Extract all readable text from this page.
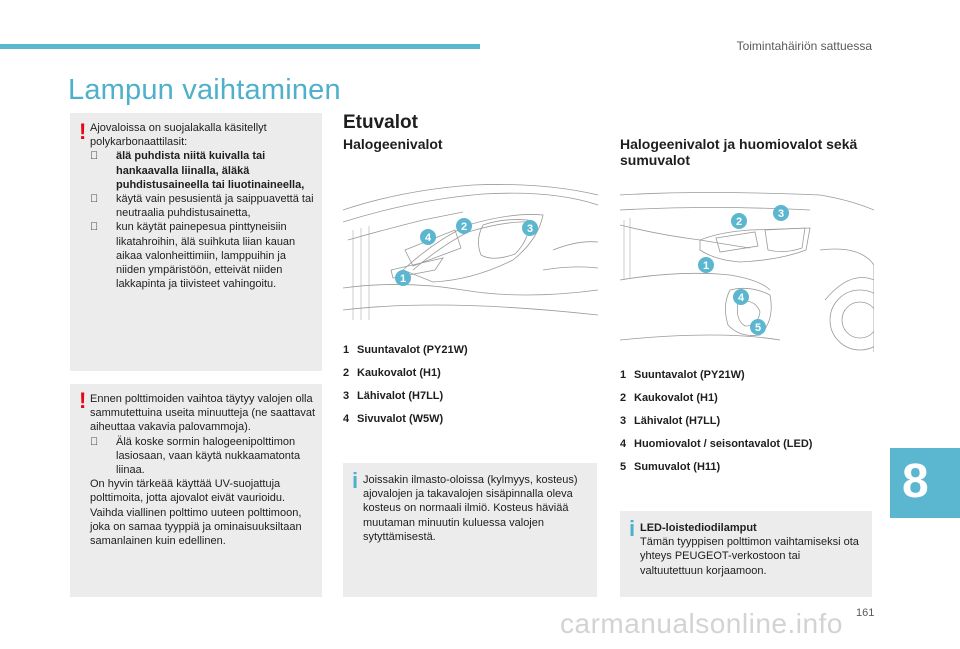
Toimintahäiriön sattuessa
Lampun vaihtaminen
! Ajovaloissa on suojalakalla käsitellyt polykarbonaattilasit:

älä puhdista niitä kuivalla tai hankaavalla liinalla, äläkä puhdistusaineella tai liuotinaineella,

käytä vain pesusientä ja saippuavettä tai neutraalia puhdistusainetta,

kun käytät painepesua pinttyneisiin likatahroihin, älä suihkuta liian kauan aikaa valonheittimiin, lamppuihin ja niiden ympäristöön, etteivät niiden lakkapinta ja tiivisteet vahingoitu.

! Ennen polttimoiden vaihtoa täytyy valojen olla sammutettuina useita minuutteja (ne saattavat aiheuttaa vakavia palovammoja).

Älä koske sormin halogeenipolttimon lasiosaan, vaan käytä nukkaamatonta liinaa.

On hyvin tärkeää käyttää UV-suojattuja polttimoita, jotta ajovalot eivät vaurioidu. Vaihda viallinen polttimo uuteen polttimoon, joka on samaa tyyppiä ja ominaisuuksiltaan samanlainen kuin edellinen.

Etuvalot
Halogeenivalot	Halogeenivalot ja huomiovalot sekä sumuvalot
1
2	3
4
1
2
3
4
5
1 Suuntavalot (PY21W)
2 Kaukovalot (H1)
3 Lähivalot (H7LL)
4 Sivuvalot (W5W)
1 Suuntavalot (PY21W)
2 Kaukovalot (H1)
3 Lähivalot (H7LL)
4 Huomiovalot / seisontavalot (LED)
5 Sumuvalot (H11)
i Joissakin ilmasto-oloissa (kylmyys, kosteus) ajovalojen ja takavalojen sisäpinnalla oleva kosteus on normaali ilmiö. Kosteus häviää muutaman minuutin kuluessa valojen sytyttämisestä.	i LED-loistediodilamput

Tämän tyyppisen polttimon vaihtamiseksi ota yhteys PEUGEOT-verkostoon tai valtuutettuun korjaamoon.

8
carmanualsonline.info 161
